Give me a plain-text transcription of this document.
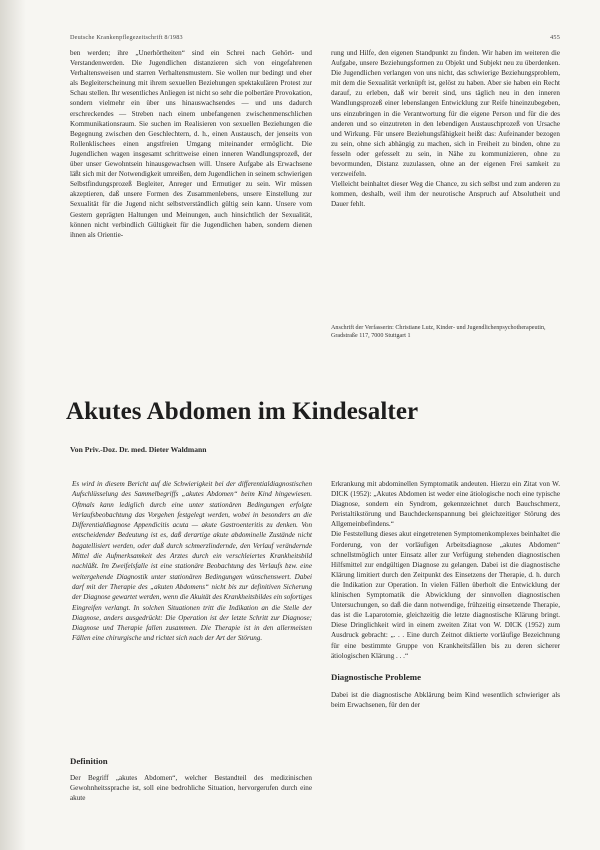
Deutsche Krankenpflegezeitschrift 8/1983	455

ben werden; ihre „Unerhörtheiten“ sind ein Schrei nach Gehört- und Verstandenwerden. Die Jugendlichen distanzieren sich von eingefahrenen Verhaltensweisen und starren Verhaltensmustern. Sie wollen nur bedingt und eher als Begleiterscheinung mit ihrem sexuellen Beziehungen spektakulären Protest zur Schau stellen. Ihr wesentliches Anliegen ist nicht so sehr die polbertäre Provokation, sondern vielmehr ein über uns hinauswachsendes — und uns dadurch erschreckendes — Streben nach einem unbefangenen zwischenmenschlichen Kommunikationsraum. Sie suchen im Realisieren von sexuellen Beziehungen die Begegnung zwischen den Geschlechtern, d. h., einen Austausch, der jenseits von Rollenklischees einen angstfreien Umgang miteinander ermöglicht. Die Jugendlichen wagen insgesamt schrittweise einen inneren Wandlungsprozeß, der über unser Gewohntsein hinausgewachsen will. Unsere Aufgabe als Erwachsene läßt sich mit der Notwendigkeit umreißen, dem Jugendlichen in seinem schwierigen Selbstfindungsprozeß Begleiter, Anreger und Ermutiger zu sein. Wir müssen akzeptieren, daß unsere Formen des Zusammenlebens, unsere Einstellung zur Sexualität für die Jugend nicht selbstverständlich gültig sein kann. Unsere vom Gestern geprägten Haltungen und Meinungen, auch hinsichtlich der Sexualität, können nicht verbindlich Gültigkeit für die Jugendlichen haben, sondern dienen ihnen als Orientie-

rung und Hilfe, den eigenen Standpunkt zu finden. Wir haben im weiteren die Aufgabe, unsere Beziehungsformen zu Objekt und Subjekt neu zu überdenken. Die Jugendlichen verlangen von uns nicht, das schwierige Beziehungsproblem, mit dem die Sexualität verknüpft ist, gelöst zu haben. Aber sie haben ein Recht darauf, zu erleben, daß wir bereit sind, uns täglich neu in den inneren Wandlungsprozeß einer lebenslangen Entwicklung zur Reife hineinzubegeben, uns einzubringen in die Verantwortung für die eigene Person und für die des anderen und so einzutreten in den lebendigen Austauschprozeß von Ursache und Wirkung. Für unsere Beziehungsfähigkeit heißt das: Aufeinander bezogen zu sein, ohne sich abhängig zu machen, sich in Freiheit zu binden, ohne zu fesseln oder gefesselt zu sein, in Nähe zu kommunizieren, ohne zu bevormunden, Distanz zuzulassen, ohne an der eigenen Frei samkeit zu verzweifeln.

Vielleicht beinhaltet dieser Weg die Chance, zu sich selbst und zum anderen zu kommen, deshalb, weil ihm der neurotische Anspruch auf Absolutheit und Dauer fehlt.

Anschrift der Verfasserin: Christiane Lutz, Kinder- und Jugendlichenpsychotherapeutin, Gradstraße 117, 7000 Stuttgart 1
Akutes Abdomen im Kindesalter
Von Priv.-Doz. Dr. med. Dieter Waldmann

Es wird in diesem Bericht auf die Schwierigkeit bei der differentialdiagnostischen Aufschlüsselung des Sammelbegriffs „akutes Abdomen“ beim Kind hingewiesen. Oftmals kann lediglich durch eine unter stationären Bedingungen erfolgte Verlaufsbeobachtung das Vorgehen festgelegt werden, wobei in besonders an die Differentialdiagnose Appendicitis acuta — akute Gastroenteritis zu denken. Von entscheidender Bedeutung ist es, daß derartige akute abdominelle Zustände nicht bagatellisiert werden, oder daß durch schmerzlindernde, den Verlauf verändernde Mittel die Aufmerksamkeit des Arztes durch ein verschleiertes Krankheitsbild nachläßt. Im Zweifelsfalle ist eine stationäre Beobachtung des Verlaufs bzw. eine weitergehende Diagnostik unter stationären Bedingungen wünschenswert. Dabei darf mit der Therapie des „akuten Abdomens“ nicht bis zur definitiven Sicherung der Diagnose gewartet werden, wenn die Akuität des Krankheitsbildes ein sofortiges Eingreifen verlangt. In solchen Situationen tritt die Indikation an die Stelle der Diagnose, anders ausgedrückt: Die Operation ist der letzte Schritt zur Diagnose; Diagnose und Therapie fallen zusammen. Die Therapie ist in den allermeisten Fällen eine chirurgische und richtet sich nach der Art der Störung.

Definition

Der Begriff „akutes Abdomen“, welcher Bestandteil des medizinischen Gewohnheitssprache ist, soll eine bedrohliche Situation, hervorgerufen durch eine akute

Erkrankung mit abdominellen Symptomatik andeuten. Hierzu ein Zitat von W. DICK (1952): „Akutes Abdomen ist weder eine ätiologische noch eine typische Diagnose, sondern ein Syndrom, gekennzeichnet durch Bauchschmerz, Peristaltikstörung und Bauchdeckenspannung bei gleichzeitiger Störung des Allgemeinbefindens.“

Die Feststellung dieses akut eingetretenen Symptomenkomplexes beinhaltet die Forderung, von der vorläufigen Arbeitsdiagnose „akutes Abdomen“ schnellstmöglich unter Einsatz aller zur Verfügung stehenden diagnostischen Hilfsmittel zur endgültigen Diagnose zu gelangen. Dabei ist die diagnostische Klärung limitiert durch den Zeitpunkt des Einsetzens der Therapie, d. h. durch die Indikation zur Operation. In vielen Fällen überholt die Entwicklung der klinischen Symptomatik die Abwicklung der sinnvollen diagnostischen Untersuchungen, so daß die dann notwendige, frühzeitig einsetzende Therapie, das ist die Laparotomie, gleichzeitig die letzte diagnostische Klärung bringt. Diese Dringlichkeit wird in einem zweiten Zitat von W. DICK (1952) zum Ausdruck gebracht: „. . . Eine durch Zeitnot diktierte vorläufige Bezeichnung für eine bestimmte Gruppe von Krankheitsfällen bis zu deren sicherer ätiologischen Klärung . . .“

Diagnostische Probleme

Dabei ist die diagnostische Abklärung beim Kind wesentlich schwieriger als beim Erwachsenen, für den der
